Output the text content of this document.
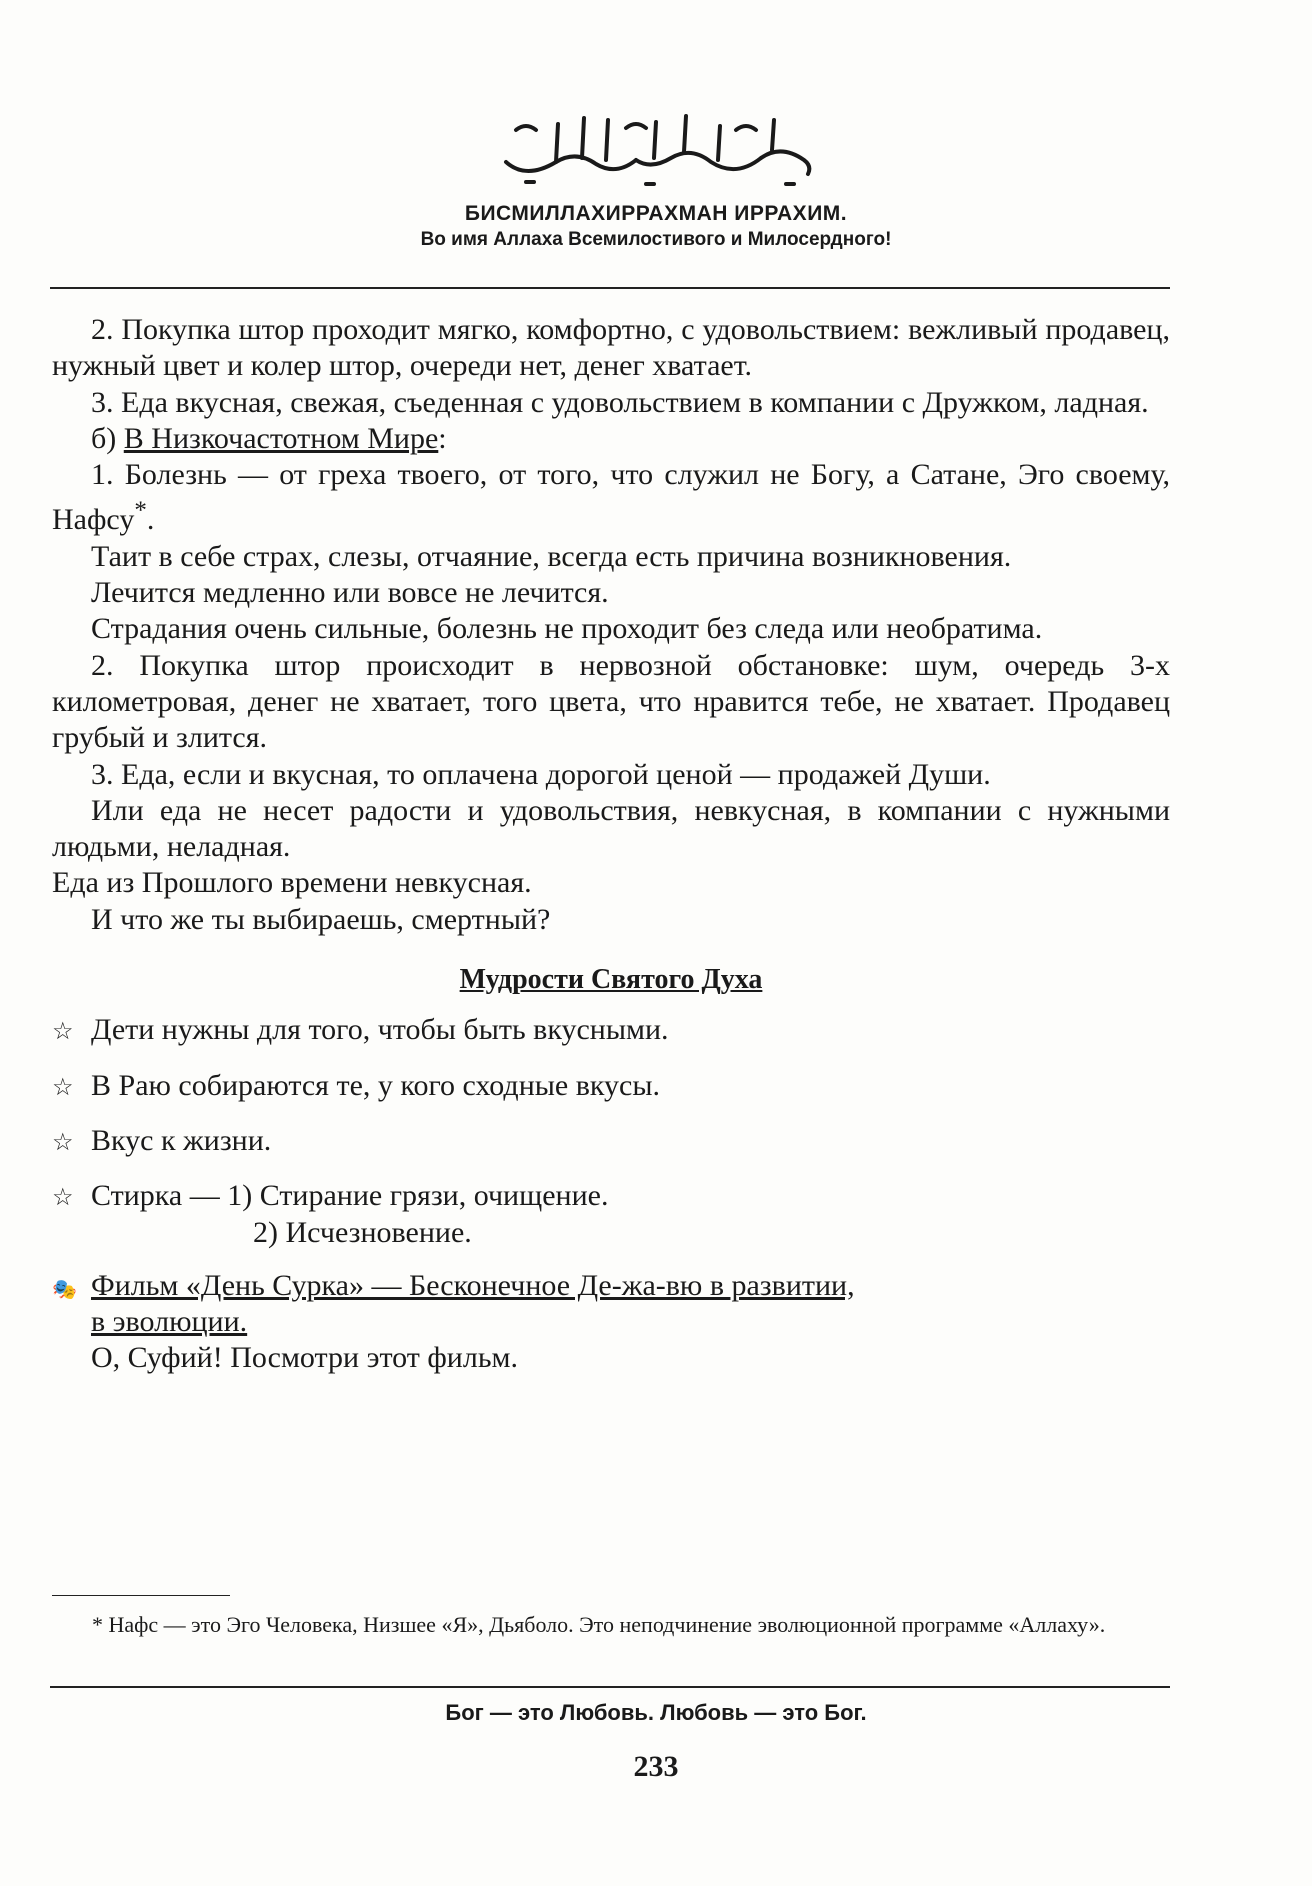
БИСМИЛЛАХИРРАХМАН ИРРАХИМ.
Во имя Аллаха Всемилостивого и Милосердного!

2. Покупка штор проходит мягко, комфортно, с удовольствием: вежливый продавец, нужный цвет и колер штор, очереди нет, денег хватает.

3. Еда вкусная, свежая, съеденная с удовольствием в компании с Дружком, ладная.

б) В Низкочастотном Мире:

1. Болезнь — от греха твоего, от того, что служил не Богу, а Сатане, Эго своему, Нафсу*.

Таит в себе страх, слезы, отчаяние, всегда есть причина возникновения.

Лечится медленно или вовсе не лечится.

Страдания очень сильные, болезнь не проходит без следа или необратима.

2. Покупка штор происходит в нервозной обстановке: шум, очередь 3-х километровая, денег не хватает, того цвета, что нравится тебе, не хватает. Продавец грубый и злится.

3. Еда, если и вкусная, то оплачена дорогой ценой — продажей Души.

Или еда не несет радости и удовольствия, невкусная, в компании с нужными людьми, неладная.

Еда из Прошлого времени невкусная.

И что же ты выбираешь, смертный?

Мудрости Святого Духа
☆ Дети нужны для того, чтобы быть вкусными.
☆ В Раю собираются те, у кого сходные вкусы.
☆ Вкус к жизни.
☆ Стирка — 1) Стирание грязи, очищение.
2) Исчезновение.
🎭 Фильм «День Сурка» — Бесконечное Де-жа-вю в развитии,
в эволюции.
О, Суфий! Посмотри этот фильм.
* Нафс — это Эго Человека, Низшее «Я», Дьяболо. Это неподчинение эволюционной программе «Аллаху».
Бог — это Любовь. Любовь — это Бог.
233
